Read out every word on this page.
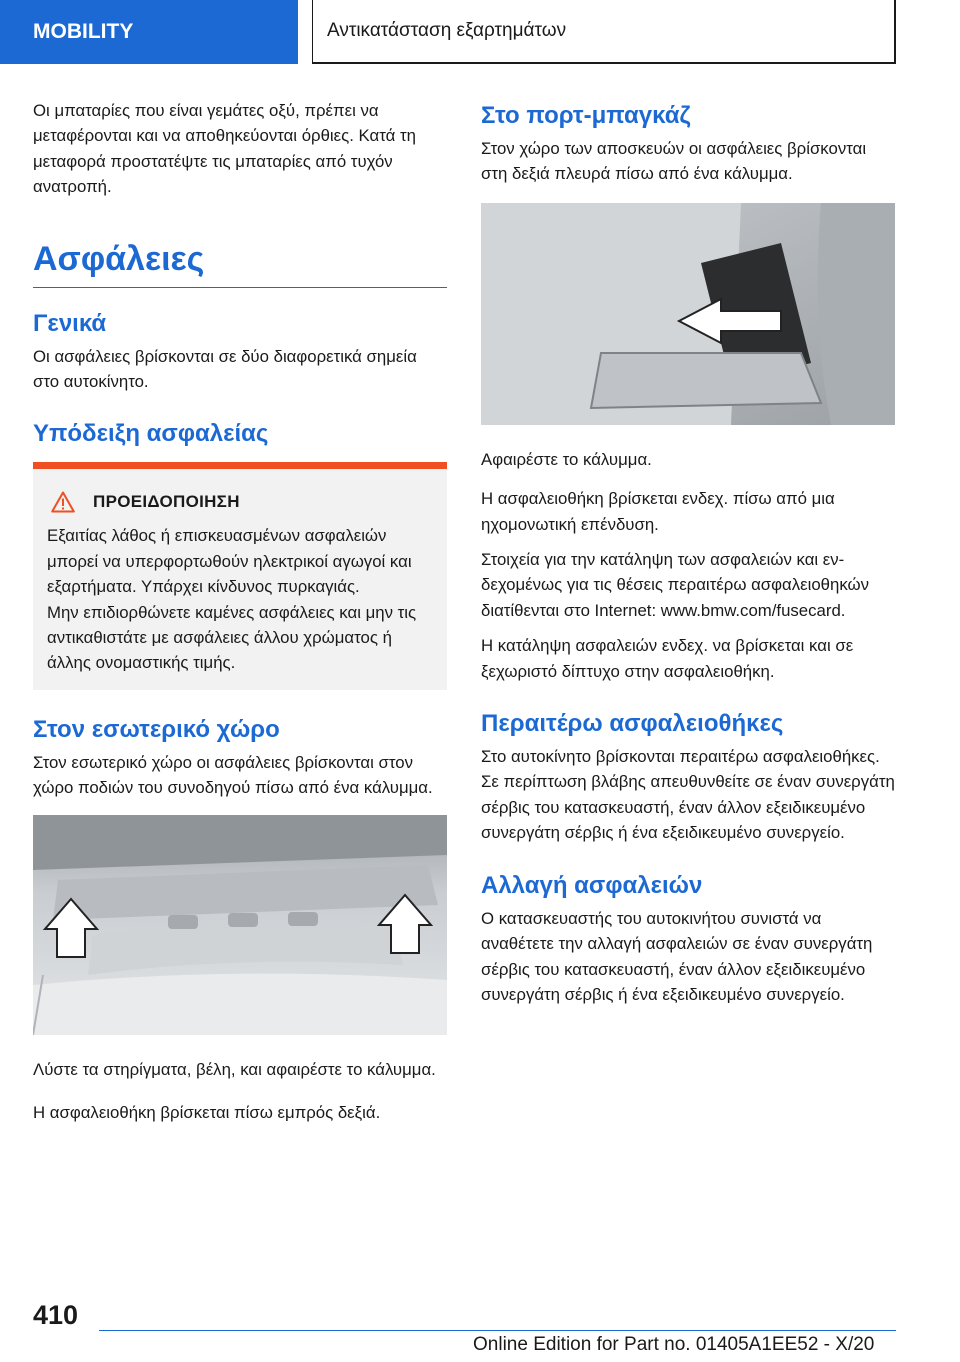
MOBILITY	Αντικατάσταση εξαρτημάτων

Οι μπαταρίες που είναι γεμάτες οξύ, πρέπει να μεταφέρονται και να αποθηκεύονται όρθιες. Κατά τη μεταφορά προστατέψτε τις μπαταρίες από τυχόν ανατροπή.

Ασφάλειες
Γενικά

Οι ασφάλειες βρίσκονται σε δύο διαφορετικά σημεία στο αυτοκίνητο.

Υπόδειξη ασφαλείας
ΠΡΟΕΙΔΟΠΟΙΗΣΗ

Εξαιτίας λάθος ή επισκευασμένων ασφαλειών μπορεί να υπερφορτωθούν ηλεκτρικοί αγωγοί και εξαρτήματα. Υπάρχει κίνδυνος πυρκαγιάς.

Μην επιδιορθώνετε καμένες ασφάλειες και μην τις αντικαθιστάτε με ασφάλειες άλλου χρώματος ή άλλης ονομαστικής τιμής.

Στον εσωτερικό χώρο

Στον εσωτερικό χώρο οι ασφάλειες βρίσκονται στον χώρο ποδιών του συνοδηγού πίσω από ένα κάλυμμα.

Λύστε τα στηρίγματα, βέλη, και αφαιρέστε το κάλυμμα.

Η ασφαλειοθήκη βρίσκεται πίσω εμπρός δεξιά.

Στο πορτ-μπαγκάζ

Στον χώρο των αποσκευών οι ασφάλειες βρίσκονται στη δεξιά πλευρά πίσω από ένα κάλυμμα.

Αφαιρέστε το κάλυμμα.

Η ασφαλειοθήκη βρίσκεται ενδεχ. πίσω από μια ηχομονωτική επένδυση.

Στοιχεία για την κατάληψη των ασφαλειών και ενδεχομένως για τις θέσεις περαιτέρω ασφαλειοθηκών διατίθενται στο Internet: www.bmw.com/fusecard.

Η κατάληψη ασφαλειών ενδεχ. να βρίσκεται και σε ξεχωριστό δίπτυχο στην ασφαλειοθήκη.

Περαιτέρω ασφαλειοθήκες

Στο αυτοκίνητο βρίσκονται περαιτέρω ασφαλειοθήκες. Σε περίπτωση βλάβης απευθυνθείτε σε έναν συνεργάτη σέρβις του κατασκευαστή, έναν άλλον εξειδικευμένο συνεργάτη σέρβις ή ένα εξειδικευμένο συνεργείο.

Αλλαγή ασφαλειών

Ο κατασκευαστής του αυτοκινήτου συνιστά να αναθέτετε την αλλαγή ασφαλειών σε έναν συνεργάτη σέρβις του κατασκευαστή, έναν άλλον εξειδικευμένο συνεργάτη σέρβις ή ένα εξειδικευμένο συνεργείο.

410
Online Edition for Part no. 01405A1EE52 - X/20
